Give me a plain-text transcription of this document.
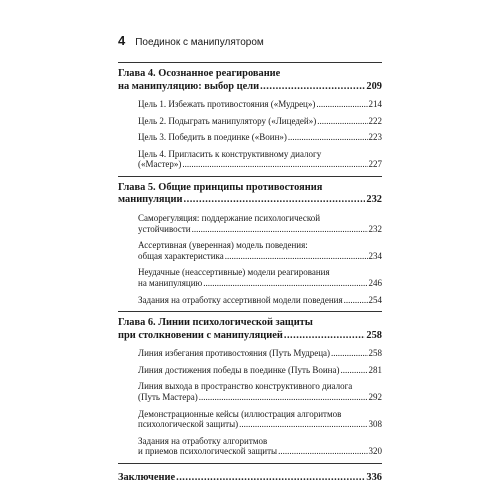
4 Поединок с манипулятором
Глава 4. Осознанное реагирование
на манипуляцию: выбор цели .....	209
Цель 1. Избежать противостояния («Мудрец») .....	214
Цель 2. Подыграть манипулятору («Лицедей») .....	222
Цель 3. Победить в поединке («Воин») .....	223
Цель 4. Пригласить к конструктивному диалогу
(«Мастер») .....	227
Глава 5. Общие принципы противостояния
манипуляции .....	232
Саморегуляция: поддержание психологической
устойчивости .....	232
Ассертивная (уверенная) модель поведения:
общая характеристика .....	234
Неудачные (неассертивные) модели реагирования
на манипуляцию .....	246
Задания на отработку ассертивной модели поведения .....	254
Глава 6. Линии психологической защиты
при столкновении с манипуляцией .....	258
Линия избегания противостояния (Путь Мудреца) .....	258
Линия достижения победы в поединке (Путь Воина) .....	281
Линия выхода в пространство конструктивного диалога
(Путь Мастера) .....	292
Демонстрационные кейсы (иллюстрация алгоритмов
психологической защиты) .....	308
Задания на отработку алгоритмов
и приемов психологической защиты .....	320
Заключение .....	336
